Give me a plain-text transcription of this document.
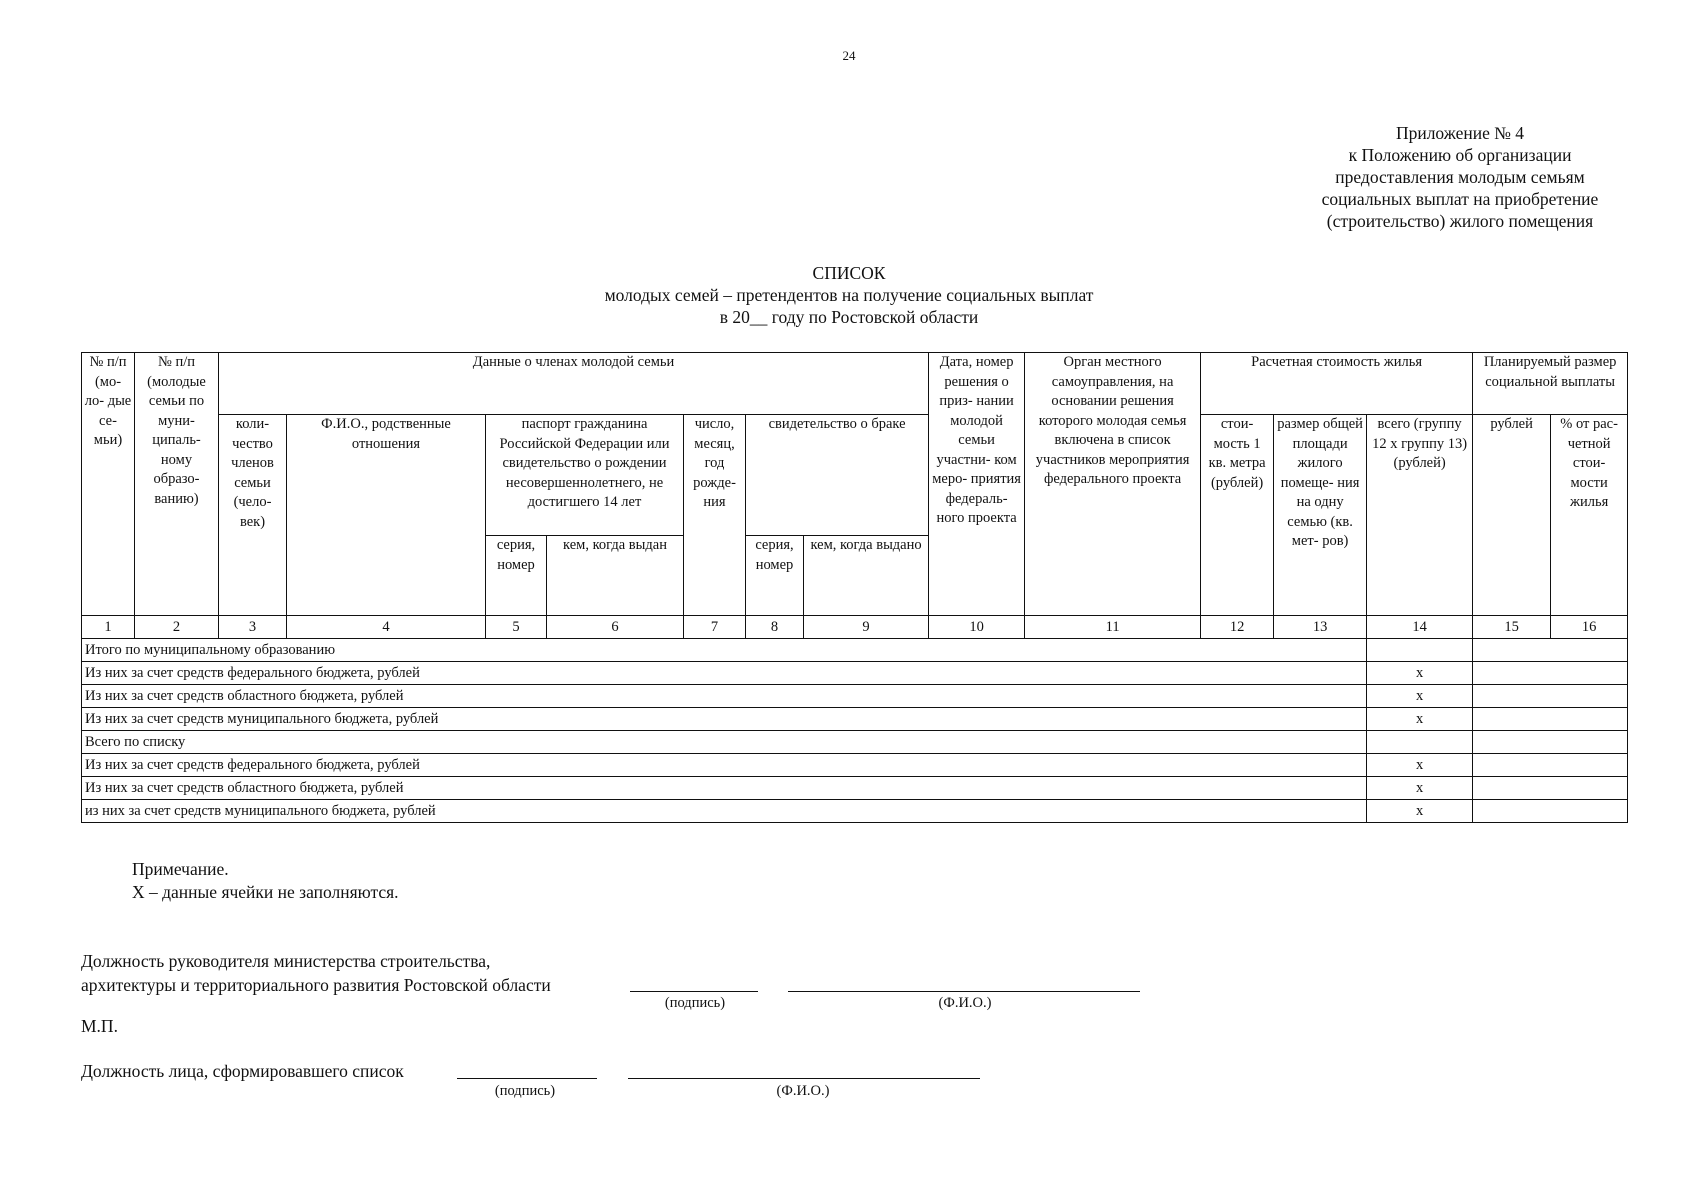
24
Приложение № 4
к Положению об организации
предоставления молодым семьям
социальных выплат на приобретение
(строительство) жилого помещения
СПИСОК
молодых семей – претендентов на получение социальных выплат
в 20__ году по Ростовской области
№ п/п (мо- ло- дые се- мьи)	№ п/п (молодые семьи по муни- ципаль- ному образо- ванию)	Данные о членах молодой семьи							Дата, номер решения о приз- нании молодой семьи участни- ком меро- приятия федераль- ного проекта	Орган местного самоуправления, на основании решения которого молодая семья включена в список участников мероприятия федерального проекта	Расчетная стоимость жилья			Планируемый размер социальной выплаты	
		коли- чество членов семьи (чело- век)	Ф.И.О., родственные отношения	паспорт гражданина Российской Федерации или свидетельство о рождении несовершеннолетнего, не достигшего 14 лет		число, месяц, год рожде- ния	свидетельство о браке				стои- мость 1 кв. метра (рублей)	размер общей площади жилого помеще- ния на одну семью (кв. мет- ров)	всего (группу 12 х группу 13) (рублей)	рублей	% от рас- четной стои- мости жилья
				серия, номер	кем, когда выдан		серия, номер	кем, когда выдано							
1	2	3	4	5	6	7	8	9	10	11	12	13	14	15	16
Итого по муниципальному образованию															
Из них за счет средств федерального бюджета, рублей													x		
Из них за счет средств областного бюджета, рублей													x		
Из них за счет средств муниципального бюджета, рублей													x		
Всего по списку															
Из них за счет средств федерального бюджета, рублей													x		
Из них за счет средств областного бюджета, рублей													x		
из них за счет средств муниципального бюджета, рублей													x		
Примечание.
Х – данные ячейки не заполняются.
Должность руководителя министерства строительства,
архитектуры и территориального развития Ростовской области
(подпись)	(Ф.И.О.)
М.П.
Должность лица, сформировавшего список
(подпись)	(Ф.И.О.)
